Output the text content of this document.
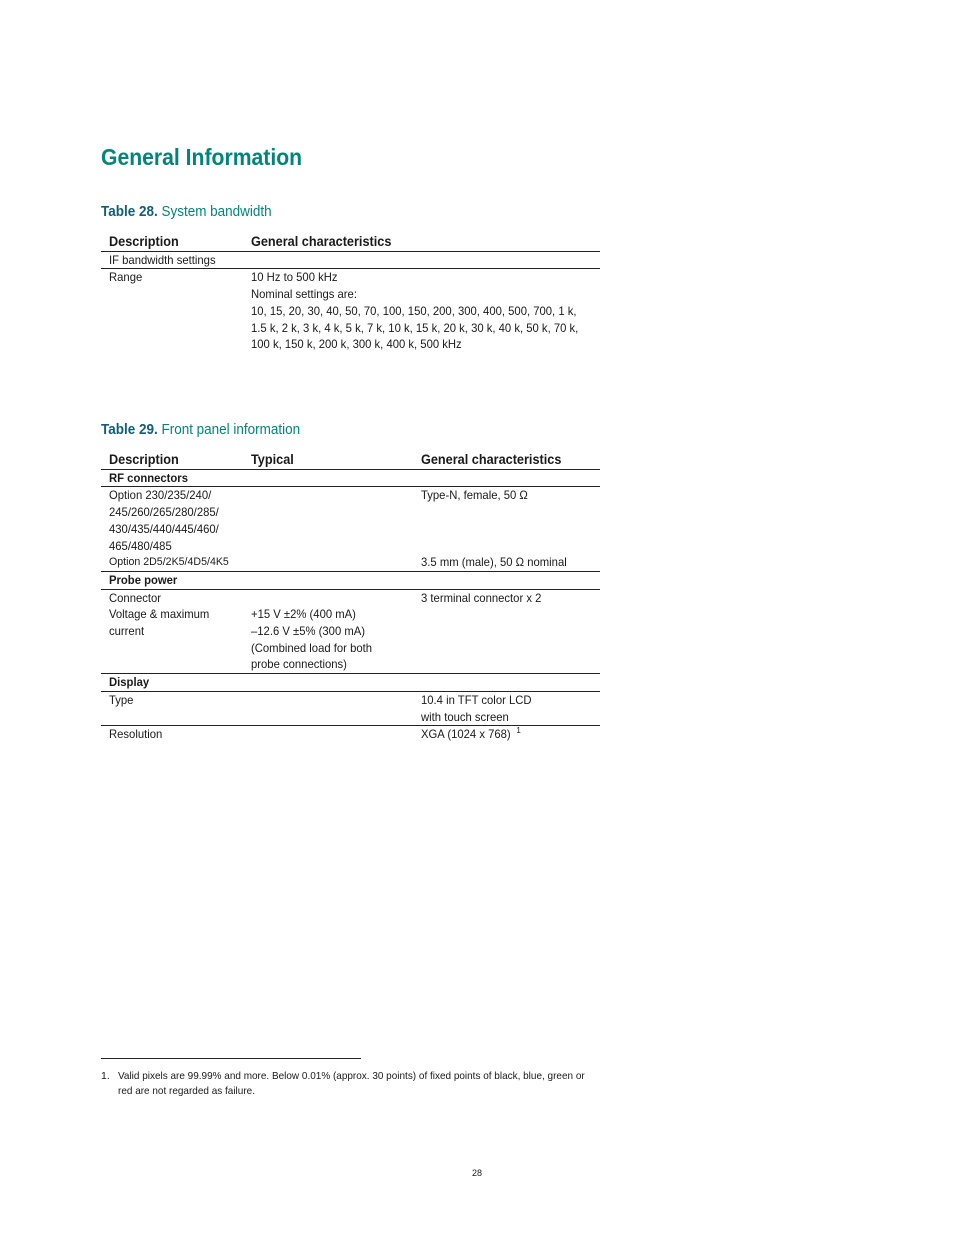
General Information
Table 28. System bandwidth
Description	General characteristics
IF bandwidth settings	
Range	10 Hz to 500 kHz
Nominal settings are:
10, 15, 20, 30, 40, 50, 70, 100, 150, 200, 300, 400, 500, 700, 1 k,
1.5 k, 2 k, 3 k, 4 k, 5 k, 7 k, 10 k, 15 k, 20 k, 30 k, 40 k, 50 k, 70 k,
100 k, 150 k, 200 k, 300 k, 400 k, 500 kHz
Table 29. Front panel information
Description	Typical	General characteristics
RF connectors		
Option 230/235/240/
245/260/265/280/285/
430/435/440/445/460/
465/480/485		Type-N, female, 50 Ω
Option 2D5/2K5/4D5/4K5		3.5 mm (male), 50 Ω nominal
Probe power		
Connector		3 terminal connector x 2
Voltage & maximum
current	+15 V ±2% (400 mA)
–12.6 V ±5% (300 mA)
(Combined load for both
probe connections)	
Display		
Type		10.4 in TFT color LCD
with touch screen
Resolution		XGA (1024 x 768) $^1$
1. Valid pixels are 99.99% and more. Below 0.01% (approx. 30 points) of fixed points of black, blue, green or red are not regarded as failure.
28
